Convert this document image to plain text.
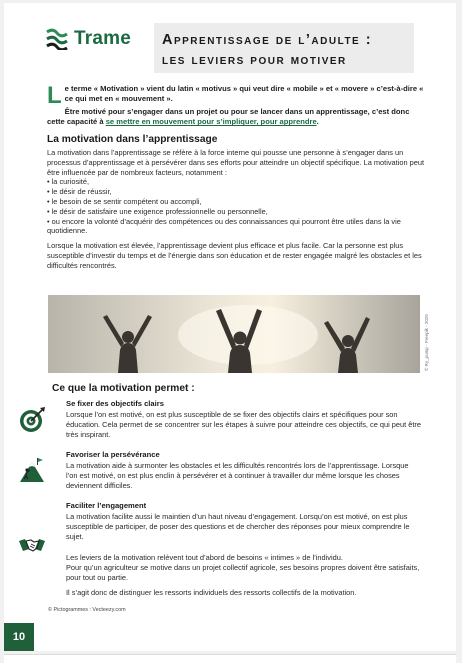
Trame Apprentissage de l’adulte :
les leviers pour motiver
L e terme « Motivation » vient du latin « motivus » qui veut dire « mobile » et « movere » c’est-à-dire « ce qui met en « mouvement ».

Être motivé pour s’engager dans un projet ou pour se lancer dans un apprentissage, c’est donc cette capacité à se mettre en mouvement pour s’impliquer, pour apprendre.

La motivation dans l’apprentissage

La motivation dans l’apprentissage se réfère à la force interne qui pousse une personne à s’engager dans un processus d’apprentissage et à persévérer dans ses efforts pour atteindre un objectif spécifique. La motivation peut être influencée par de nombreux facteurs, notamment :

• la curiosité,
• le désir de réussir,
• le besoin de se sentir compétent ou accompli,
• le désir de satisfaire une exigence professionnelle ou personnelle,
• ou encore la volonté d’acquérir des compétences ou des connaissances qui pourront être utiles dans la vie quotidienne.

Lorsque la motivation est élevée, l’apprentissage devient plus efficace et plus facile. Car la personne est plus susceptible d’investir du temps et de l’énergie dans son éducation et de rester engagée malgré les obstacles et les difficultés rencontrés.

© Ry_pump - Freepik - 2025
Ce que la motivation permet :
Se fixer des objectifs clairs
Lorsque l’on est motivé, on est plus susceptible de se fixer des objectifs clairs et spécifiques pour son éducation. Cela permet de se concentrer sur les étapes à suivre pour atteindre ces objectifs, ce qui peut être très inspirant.
Favoriser la persévérance
La motivation aide à surmonter les obstacles et les difficultés rencontrés lors de l’apprentissage. Lorsque l’on est motivé, on est plus enclin à persévérer et à continuer à travailler dur même lorsque les choses deviennent difficiles.
Faciliter l’engagement
La motivation facilite aussi le maintien d’un haut niveau d’engagement. Lorsqu’on est motivé, on est plus susceptible de participer, de poser des questions et de chercher des réponses pour mieux comprendre le sujet.

Les leviers de la motivation relèvent tout d’abord de besoins « intimes » de l’individu.
Pour qu’un agriculteur se motive dans un projet collectif agricole, ses besoins propres doivent être satisfaits, pour tout ou partie.

Il s’agit donc de distinguer les ressorts individuels des ressorts collectifs de la motivation.

© Pictogrammes : Vecteezy.com
10
